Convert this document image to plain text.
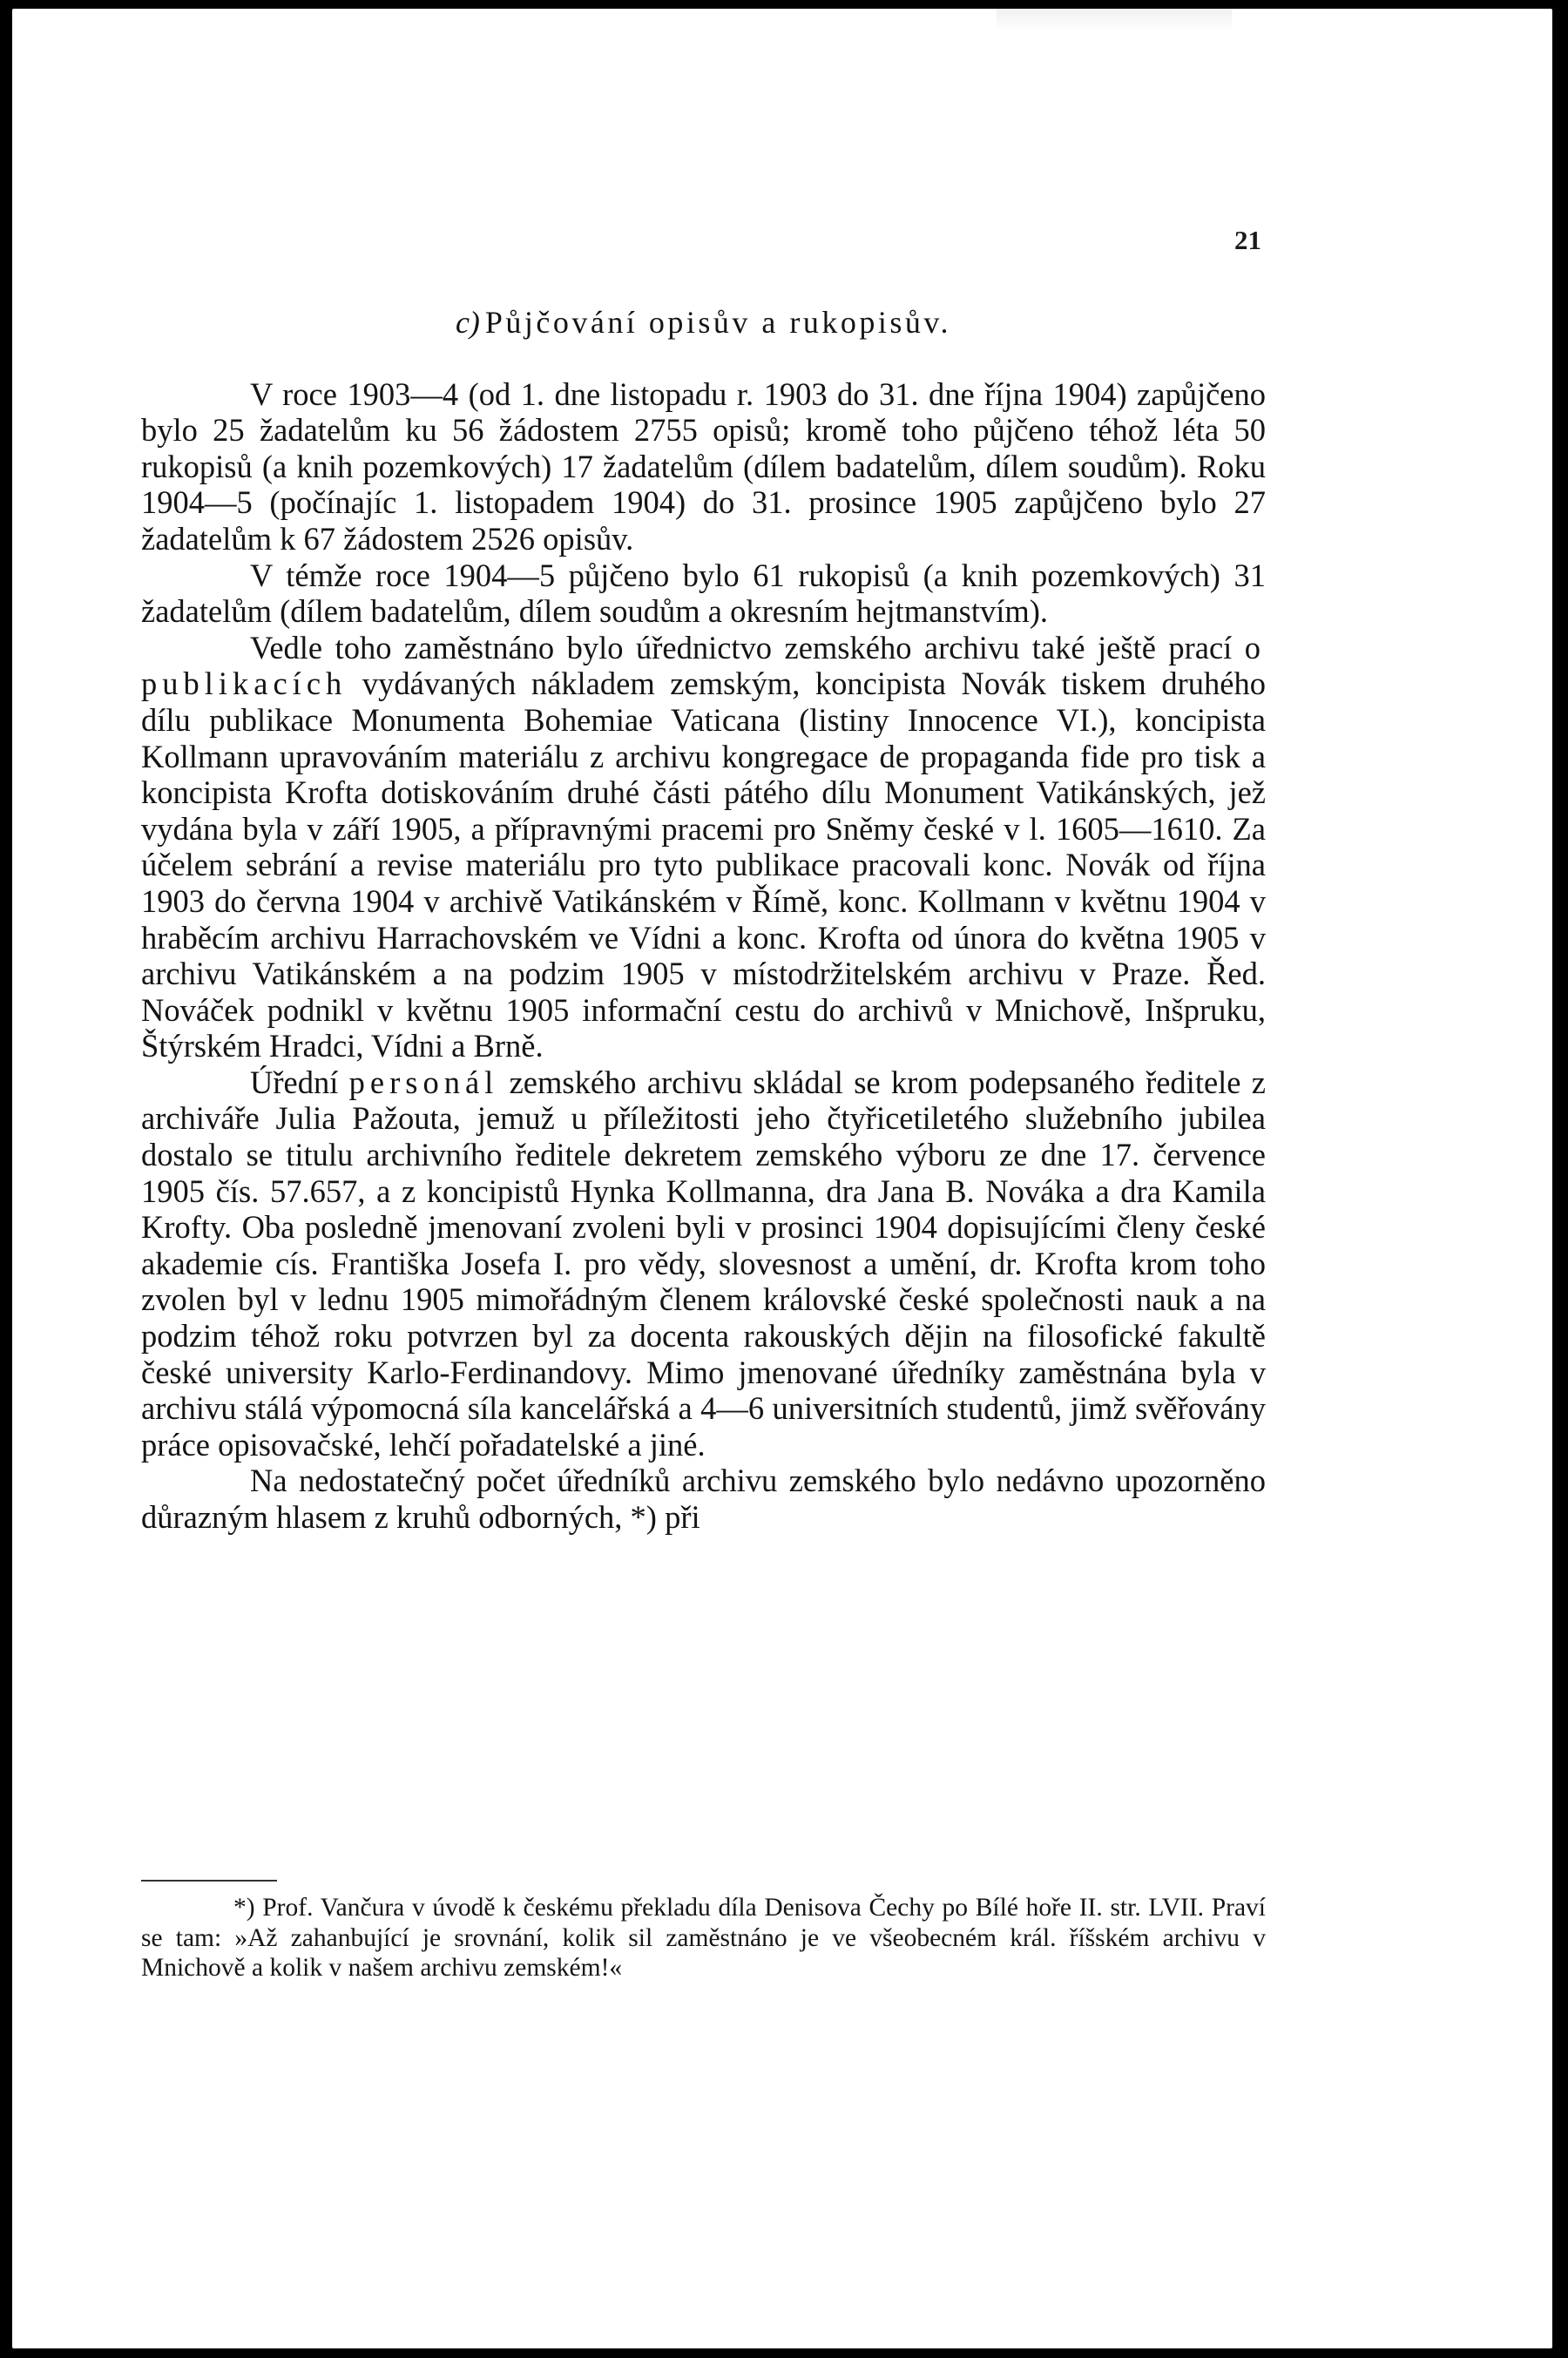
21
c) Půjčování opisův a rukopisův.

V roce 1903—4 (od 1. dne listopadu r. 1903 do 31. dne října 1904) zapůjčeno bylo 25 žadatelům ku 56 žádostem 2755 opisů; kromě toho půjčeno téhož léta 50 rukopisů (a knih pozemkových) 17 žadatelům (dílem badatelům, dílem soudům). Roku 1904—5 (počínajíc 1. listopadem 1904) do 31. prosince 1905 zapůjčeno bylo 27 žadatelům k 67 žádostem 2526 opisův.

V témže roce 1904—5 půjčeno bylo 61 rukopisů (a knih pozemkových) 31 žadatelům (dílem badatelům, dílem soudům a okresním hejtmanstvím).

Vedle toho zaměstnáno bylo úřednictvo zemského archivu také ještě prací o publikacích vydávaných nákladem zemským, koncipista Novák tiskem druhého dílu publikace Monumenta Bohemiae Vaticana (listiny Innocence VI.), koncipista Kollmann upravováním materiálu z archivu kongregace de propaganda fide pro tisk a koncipista Krofta dotiskováním druhé části pátého dílu Monument Vatikánských, jež vydána byla v září 1905, a přípravnými pracemi pro Sněmy české v l. 1605—1610. Za účelem sebrání a revise materiálu pro tyto publikace pracovali konc. Novák od října 1903 do června 1904 v archivě Vatikánském v Římě, konc. Kollmann v květnu 1904 v hraběcím archivu Harrachovském ve Vídni a konc. Krofta od února do května 1905 v archivu Vatikánském a na podzim 1905 v místodržitelském archivu v Praze. Řed. Nováček podnikl v květnu 1905 informační cestu do archivů v Mnichově, Inšpruku, Štýrském Hradci, Vídni a Brně.

Úřední personál zemského archivu skládal se krom podepsaného ředitele z archiváře Julia Pažouta, jemuž u příležitosti jeho čtyřicetiletého služebního jubilea dostalo se titulu archivního ředitele dekretem zemského výboru ze dne 17. července 1905 čís. 57.657, a z koncipistů Hynka Kollmanna, dra Jana B. Nováka a dra Kamila Krofty. Oba posledně jmenovaní zvoleni byli v prosinci 1904 dopisujícími členy české akademie cís. Františka Josefa I. pro vědy, slovesnost a umění, dr. Krofta krom toho zvolen byl v lednu 1905 mimořádným členem královské české společnosti nauk a na podzim téhož roku potvrzen byl za docenta rakouských dějin na filosofické fakultě české university Karlo-Ferdinandovy. Mimo jmenované úředníky zaměstnána byla v archivu stálá výpomocná síla kancelářská a 4—6 universitních studentů, jimž svěřovány práce opisovačské, lehčí pořadatelské a jiné.

Na nedostatečný počet úředníků archivu zemského bylo nedávno upozorněno důrazným hlasem z kruhů odborných, *) při

*) Prof. Vančura v úvodě k českému překladu díla Denisova Čechy po Bílé hoře II. str. LVII. Praví se tam: »Až zahanbující je srovnání, kolik sil zaměstnáno je ve všeobecném král. říšském archivu v Mnichově a kolik v našem archivu zemském!«
